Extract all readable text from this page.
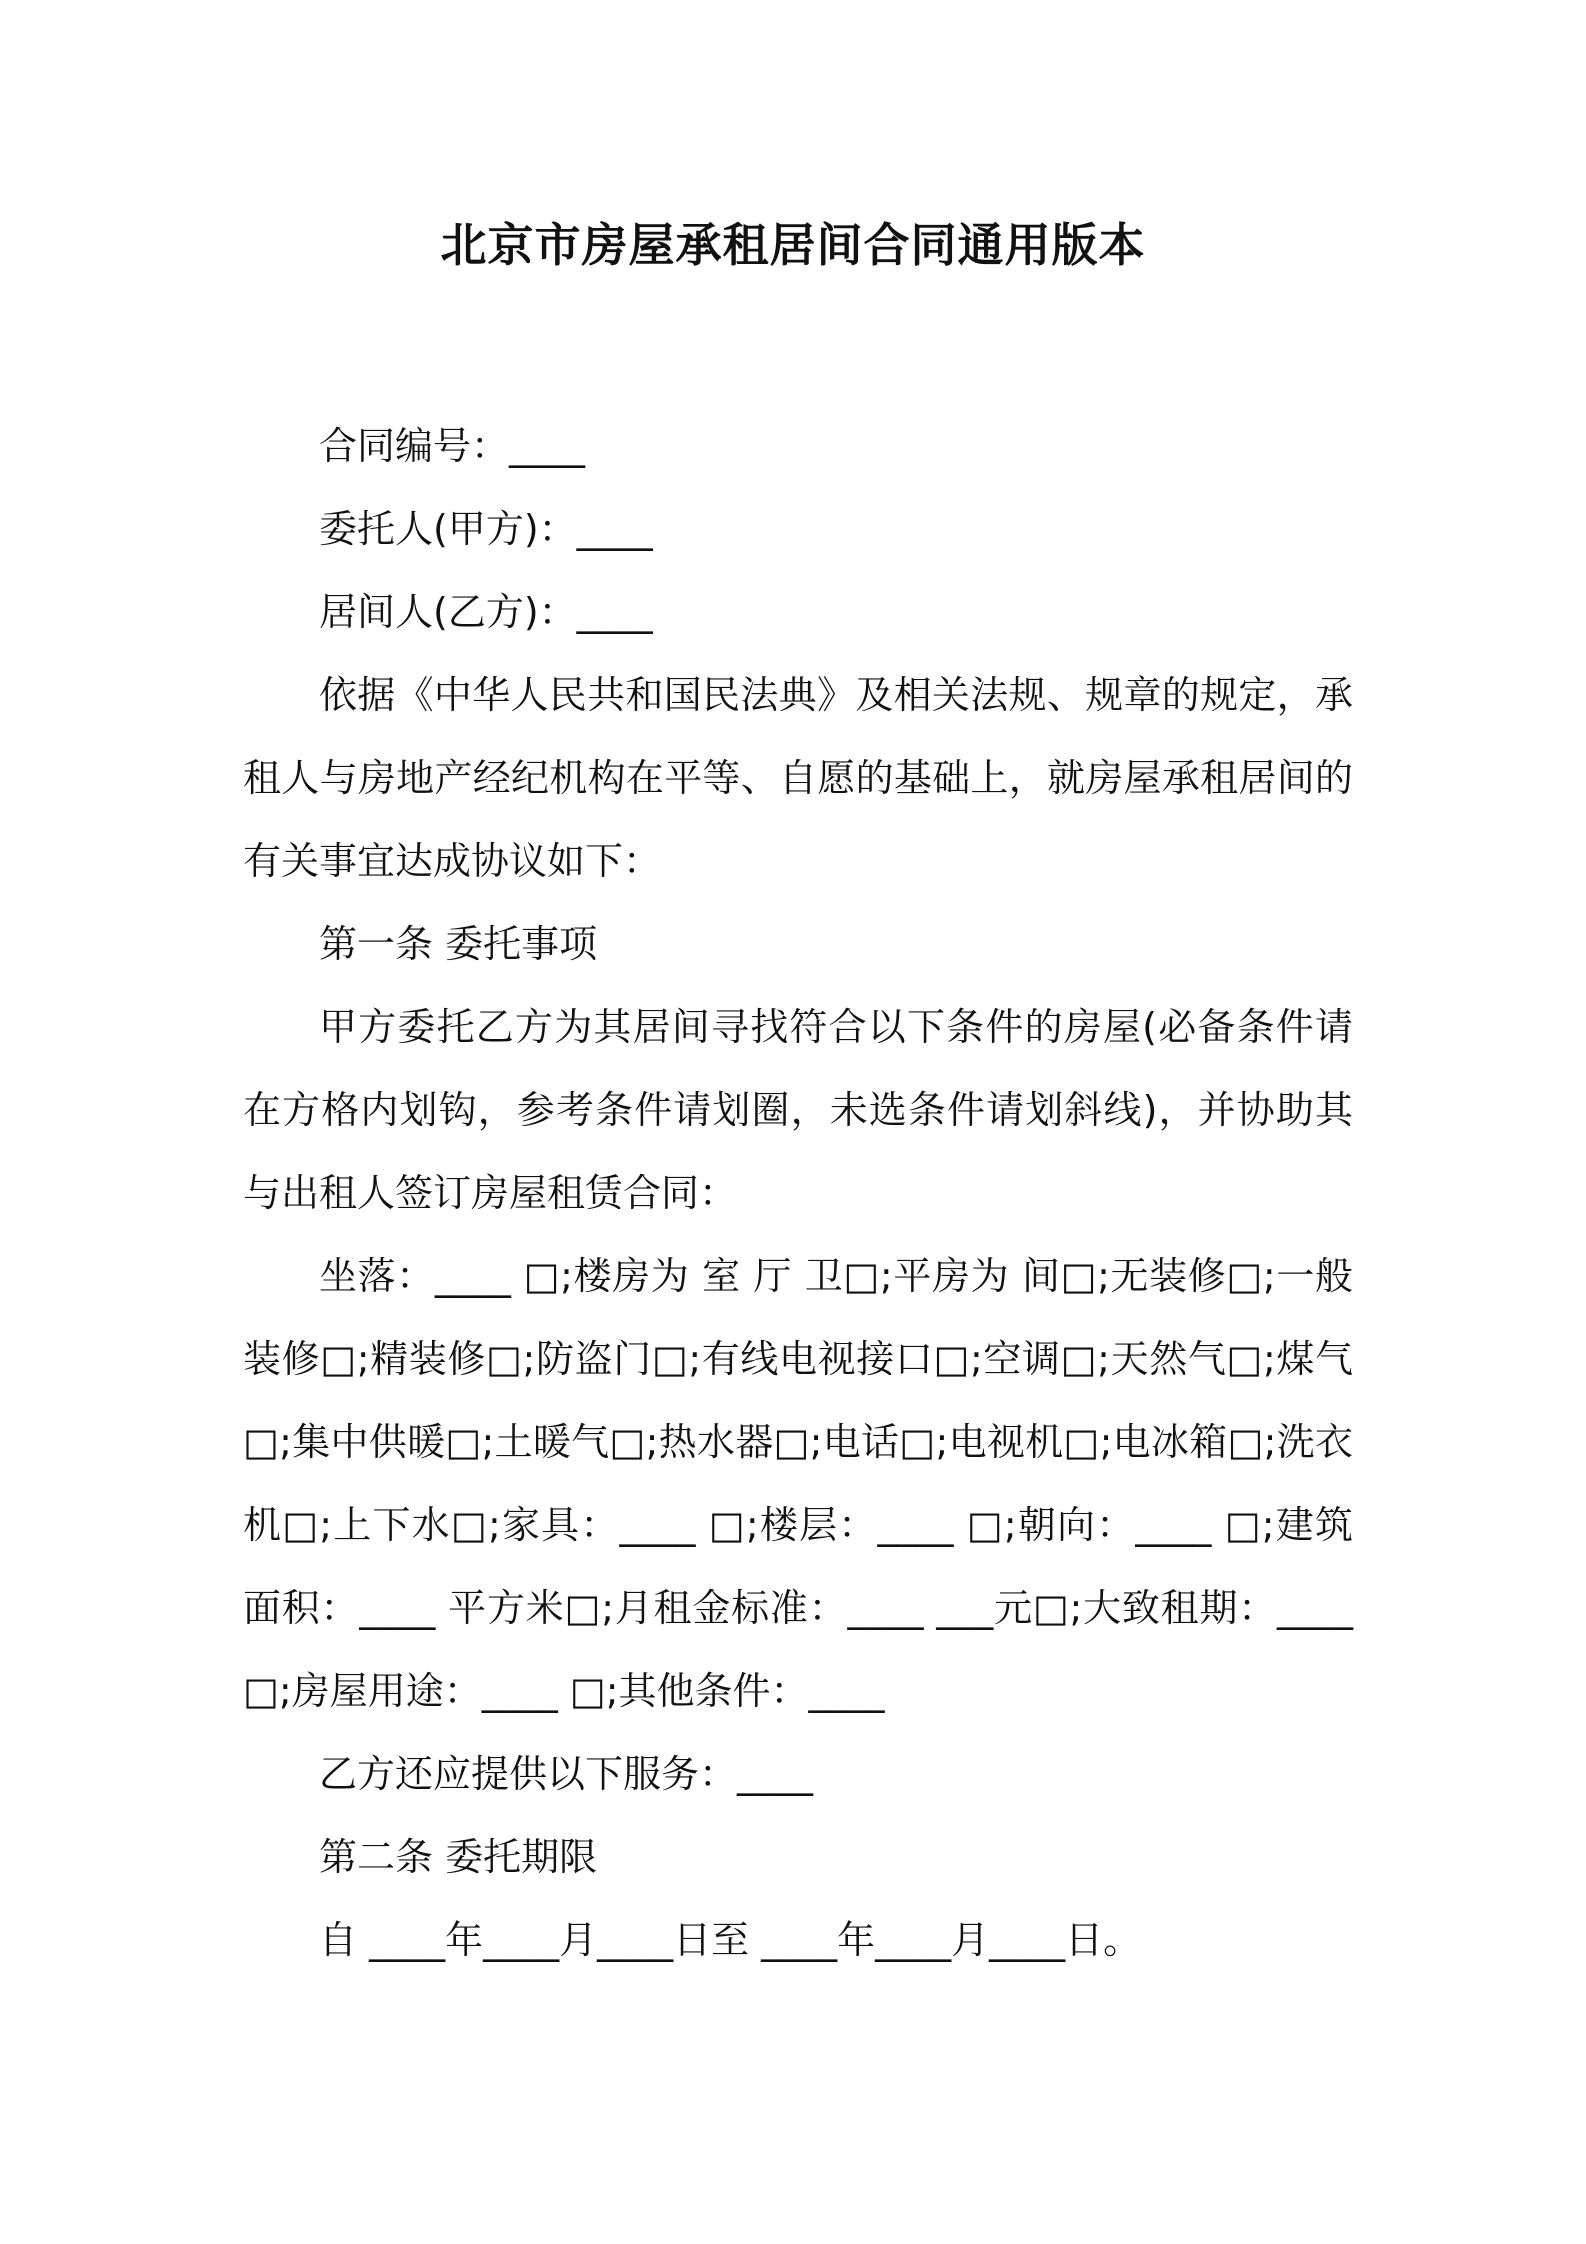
北京市房屋承租居间合同通用版本

合同编号：____

委托人(甲方)：____

居间人(乙方)：____

依据《中华人民共和国民法典》及相关法规、规章的规定，承租人与房地产经纪机构在平等、自愿的基础上，就房屋承租居间的有关事宜达成协议如下：

第一条 委托事项

甲方委托乙方为其居间寻找符合以下条件的房屋(必备条件请在方格内划钩，参考条件请划圈，未选条件请划斜线)，并协助其与出租人签订房屋租赁合同：

坐落：____ □;楼房为 室 厅 卫□;平房为 间□;无装修□;一般装修□;精装修□;防盗门□;有线电视接口□;空调□;天然气□;煤气□;集中供暖□;土暖气□;热水器□;电话□;电视机□;电冰箱□;洗衣机□;上下水□;家具：____ □;楼层：____ □;朝向：____ □;建筑面积：____ 平方米□;月租金标准：____ ___元□;大致租期：____ □;房屋用途：____ □;其他条件：____

乙方还应提供以下服务：____

第二条 委托期限

自 ____年____月____日至 ____年____月____日。
